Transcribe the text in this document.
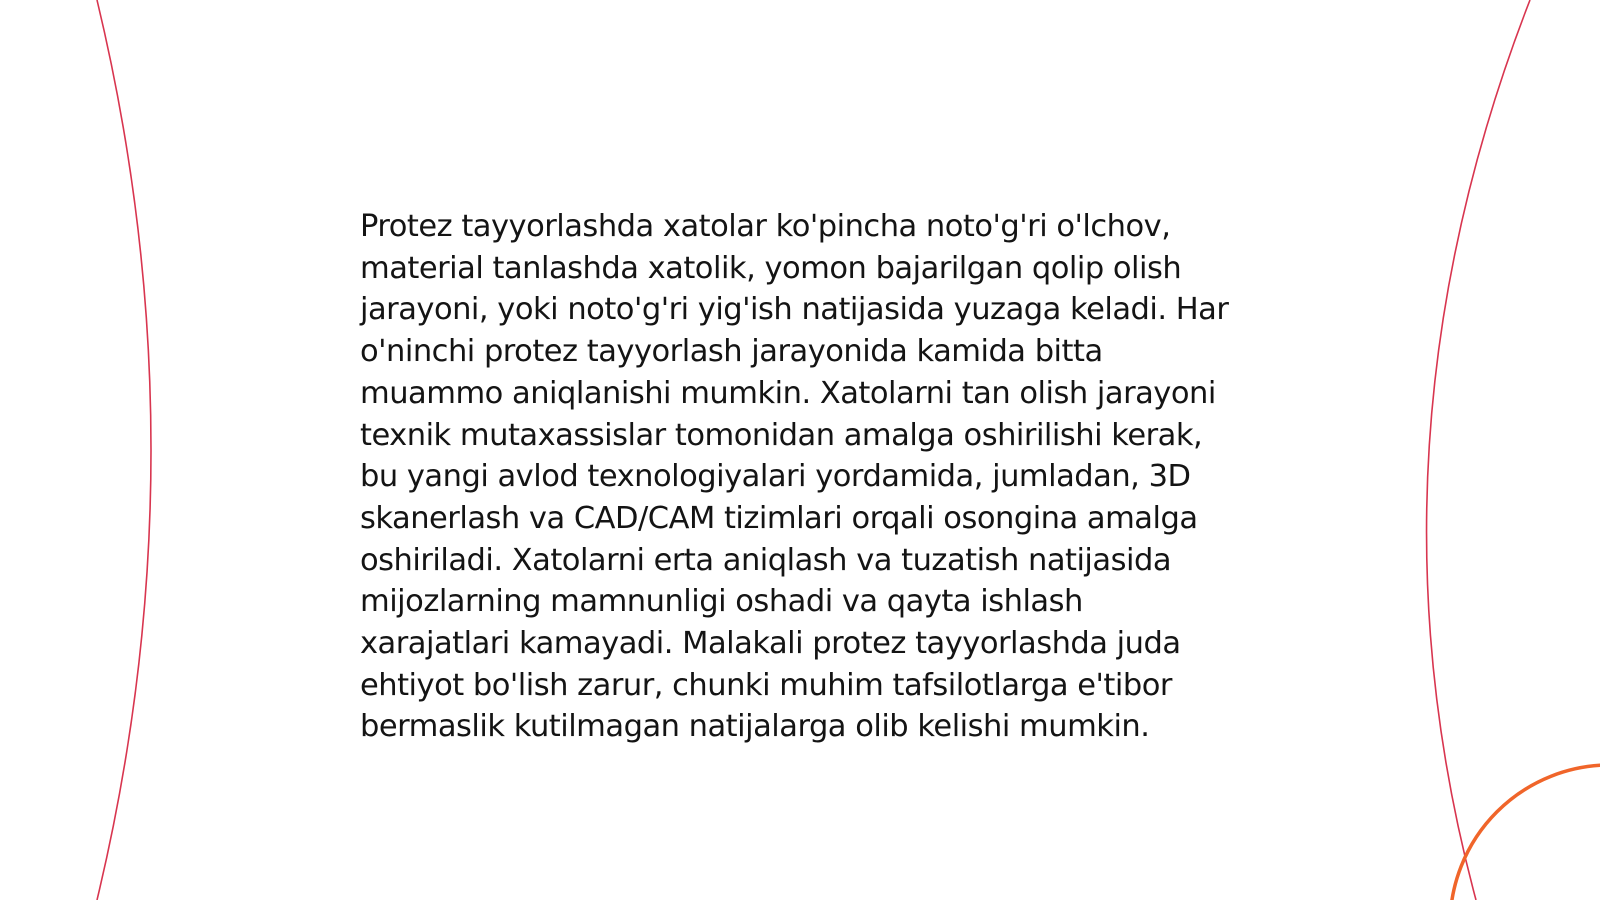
Protez tayyorlashda xatolar ko'pincha noto'g'ri o'lchov, material tanlashda xatolik, yomon bajarilgan qolip olish jarayoni, yoki noto'g'ri yig'ish natijasida yuzaga keladi. Har o'ninchi protez tayyorlash jarayonida kamida bitta muammo aniqlanishi mumkin. Xatolarni tan olish jarayoni texnik mutaxassislar tomonidan amalga oshirilishi kerak, bu yangi avlod texnologiyalari yordamida, jumladan, 3D skanerlash va CAD/CAM tizimlari orqali osongina amalga oshiriladi. Xatolarni erta aniqlash va tuzatish natijasida mijozlarning mamnunligi oshadi va qayta ishlash xarajatlari kamayadi. Malakali protez tayyorlashda juda ehtiyot bo'lish zarur, chunki muhim tafsilotlarga e'tibor bermaslik kutilmagan natijalarga olib kelishi mumkin.
